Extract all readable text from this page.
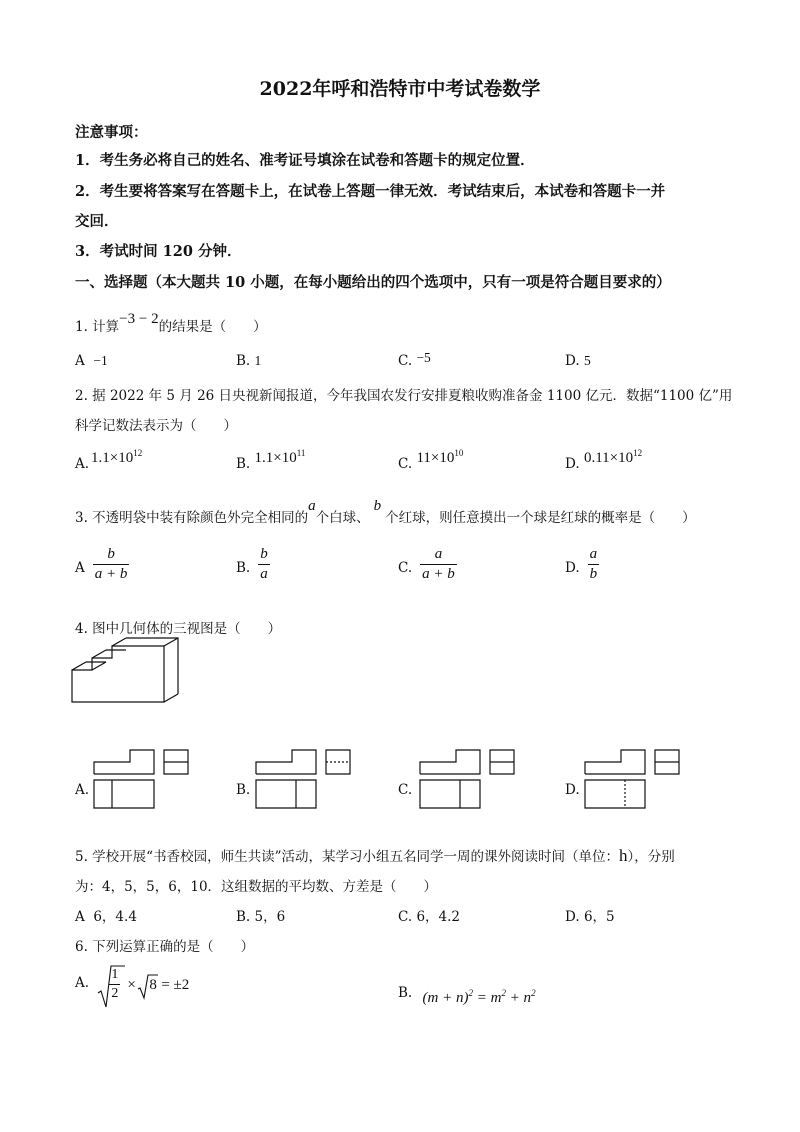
2022年呼和浩特市中考试卷数学
注意事项：
1．考生务必将自己的姓名、准考证号填涂在试卷和答题卡的规定位置．
2．考生要将答案写在答题卡上，在试卷上答题一律无效．考试结束后，本试卷和答题卡一并
交回．
3．考试时间 120 分钟．
一、选择题（本大题共 10 小题，在每小题给出的四个选项中，只有一项是符合题目要求的）
1. 计算−3 − 2的结果是（　　）
A −1	B. 1	C. −5	D. 5
2. 据 2022 年 5 月 26 日央视新闻报道，今年我国农发行安排夏粮收购准备金 1100 亿元．数据“1100 亿”用
科学记数法表示为（　　）
A. $1.1\times 10^{12}$
B. $1.1\times 10^{11}$
C. $11\times 10^{10}$
D. $0.11\times 10^{12}$
3. 不透明袋中装有除颜色外完全相同的a个白球、b个红球，则任意摸出一个球是红球的概率是（　　）
A $\frac{b}{a + b}$	B. $\frac{b}{a}$	C. $\frac{a}{a + b}$	D. $\frac{a}{b}$
4. 图中几何体的三视图是（　　）
A.	B.	C.	D.
5. 学校开展“书香校园，师生共读”活动，某学习小组五名同学一周的课外阅读时间（单位：h），分别
为：4，5，5，6，10．这组数据的平均数、方差是（　　）
A 6，4.4	B. 5，6	C. 6，4.2	D. 6，5
6. 下列运算正确的是（　　）
A. $\frac{1}{2} \times 8 = \pm 2$	B. $(m + n)^2 = m^2 + n^2$
